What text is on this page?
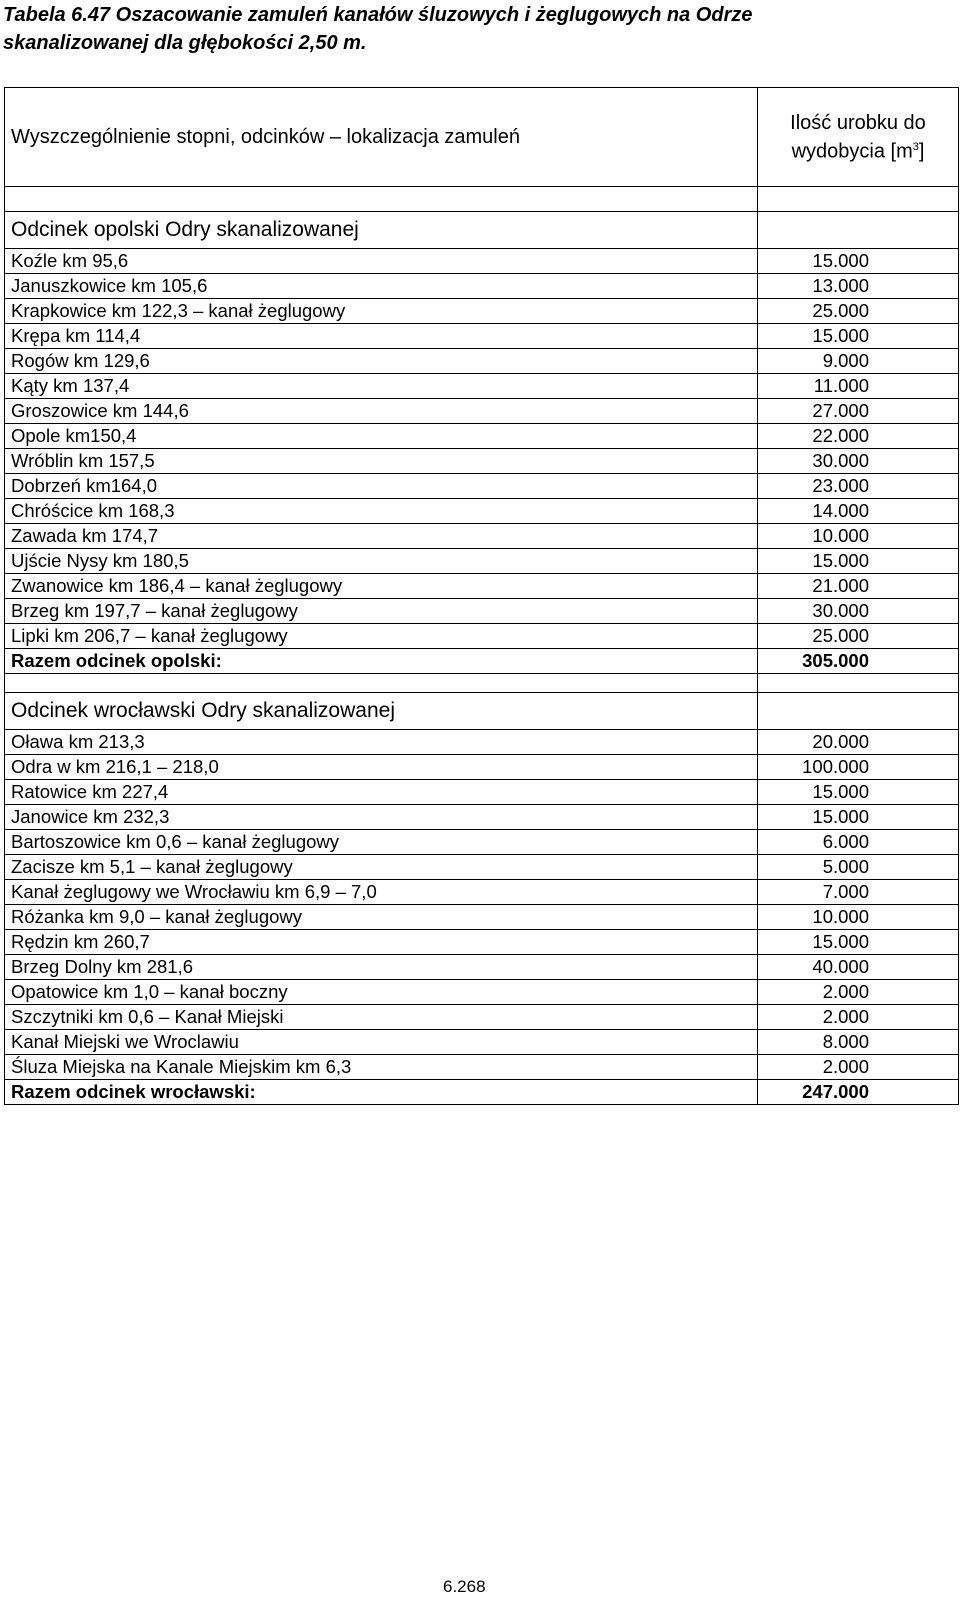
Tabela 6.47 Oszacowanie zamuleń kanałów śluzowych i żeglugowych na Odrze
skanalizowanej dla głębokości 2,50 m.
Wyszczególnienie stopni, odcinków – lokalizacja zamuleń	Ilość urobku do
wydobycia $[m^3]$

Odcinek opolski Odry skanalizowanej	
Koźle km 95,6	15.000
Januszkowice km 105,6	13.000
Krapkowice km 122,3 – kanał żeglugowy	25.000
Krępa km 114,4	15.000
Rogów km 129,6	9.000
Kąty km 137,4	11.000
Groszowice km 144,6	27.000
Opole km150,4	22.000
Wróblin km 157,5	30.000
Dobrzeń km164,0	23.000
Chróścice km 168,3	14.000
Zawada km 174,7	10.000
Ujście Nysy km 180,5	15.000
Zwanowice km 186,4 – kanał żeglugowy	21.000
Brzeg km 197,7 – kanał żeglugowy	30.000
Lipki km 206,7 – kanał żeglugowy	25.000
Razem odcinek opolski:	305.000

Odcinek wrocławski Odry skanalizowanej	
Oława km 213,3	20.000
Odra w km 216,1 – 218,0	100.000
Ratowice km 227,4	15.000
Janowice km 232,3	15.000
Bartoszowice km 0,6 – kanał żeglugowy	6.000
Zacisze km 5,1 – kanał żeglugowy	5.000
Kanał żeglugowy we Wrocławiu km 6,9 – 7,0	7.000
Różanka km 9,0 – kanał żeglugowy	10.000
Rędzin km 260,7	15.000
Brzeg Dolny km 281,6	40.000
Opatowice km 1,0 – kanał boczny	2.000
Szczytniki km 0,6 – Kanał Miejski	2.000
Kanał Miejski we Wroclawiu	8.000
Śluza Miejska na Kanale Miejskim km 6,3	2.000
Razem odcinek wrocławski:	247.000
6.268
